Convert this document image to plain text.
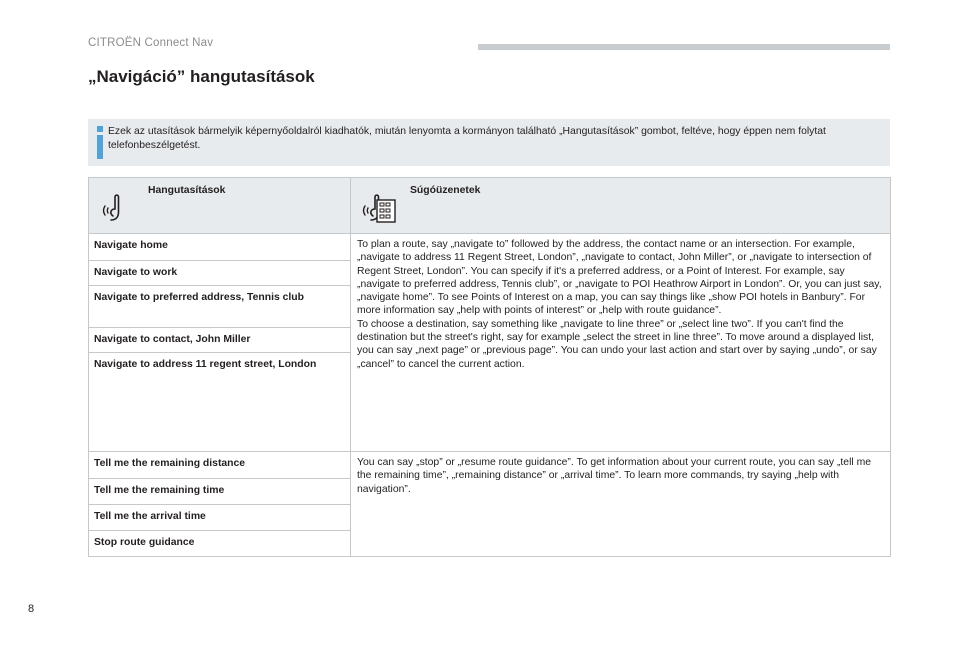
CITROËN Connect Nav
„Navigáció” hangutasítások
Ezek az utasítások bármelyik képernyőoldalról kiadhatók, miután lenyomta a kormányon található „Hangutasítások” gombot, feltéve, hogy éppen nem folytat telefonbeszélgetést.
Hangutasítások	Súgóüzenetek

Navigate home	To plan a route, say „navigate to” followed by the address, the contact name or an intersection. For example, „navigate to address 11 Regent Street, London”, „navigate to contact, John Miller”, or „navigate to intersection of Regent Street, London”. You can specify if it's a preferred address, or a Point of Interest. For example, say „navigate to preferred address, Tennis club”, or „navigate to POI Heathrow Airport in London”. Or, you can just say, „navigate home”. To see Points of Interest on a map, you can say things like „show POI hotels in Banbury”. For more information say „help with points of interest” or „help with route guidance”.

To choose a destination, say something like „navigate to line three” or „select line two”. If you can't find the destination but the street's right, say for example „select the street in line three”. To move around a displayed list, you can say „next page” or „previous page”. You can undo your last action and start over by saying „undo”, or say „cancel” to cancel the current action.

Navigate to work	
Navigate to preferred address, Tennis club	
Navigate to contact, John Miller	
Navigate to address 11 regent street, London	
Tell me the remaining distance	You can say „stop” or „resume route guidance”. To get information about your current route, you can say „tell me the remaining time”, „remaining distance” or „arrival time”. To learn more commands, try saying „help with navigation”.
Tell me the remaining time	
Tell me the arrival time	
Stop route guidance	
8
